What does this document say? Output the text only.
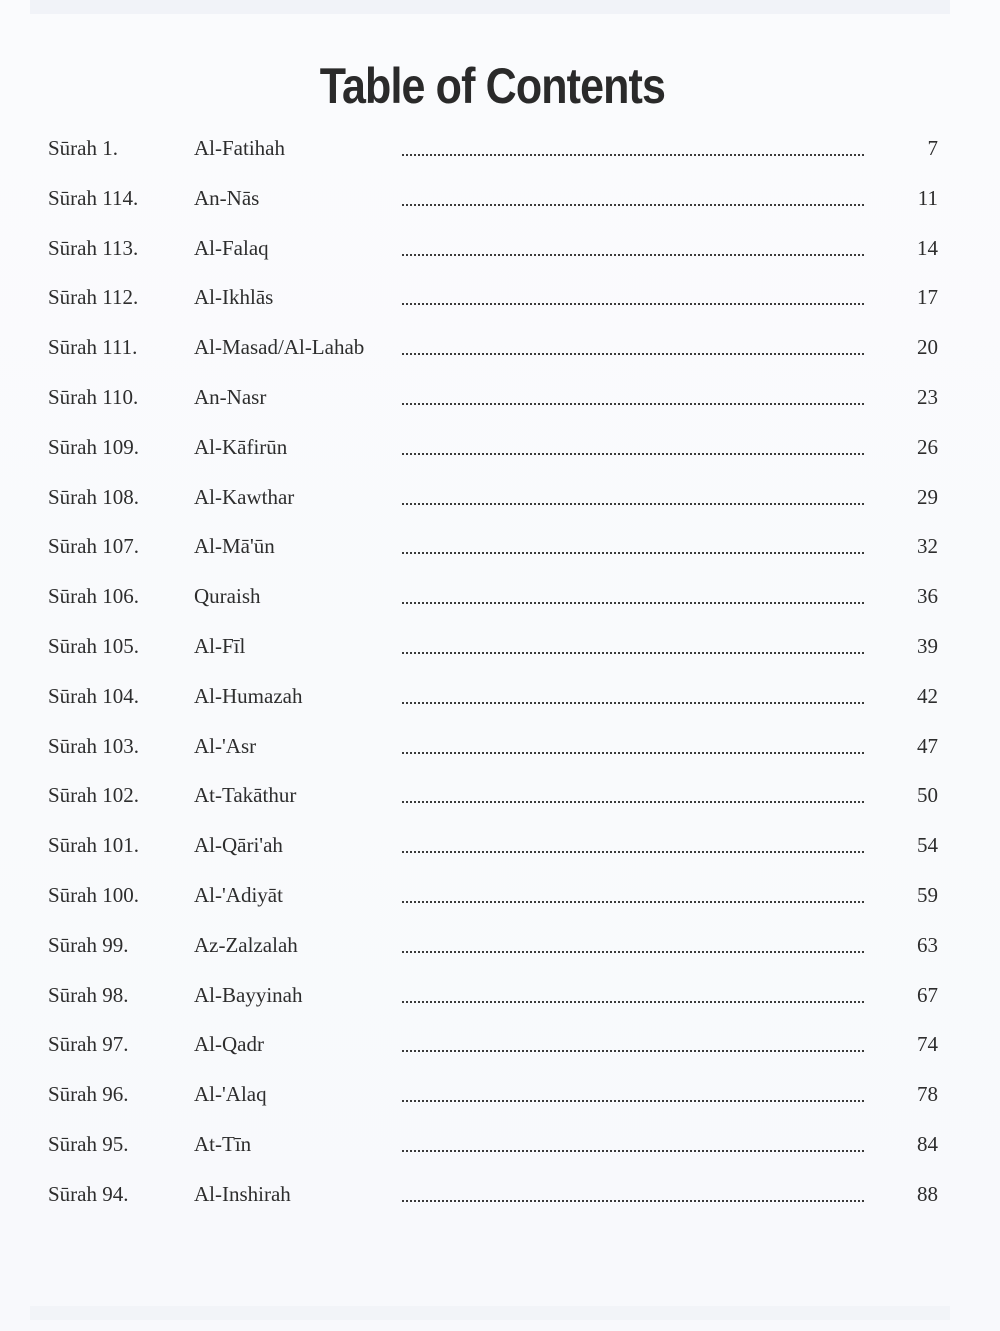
Table of Contents
Sūrah 1.	Al-Fatihah	7
Sūrah 114.	An-Nās	11
Sūrah 113.	Al-Falaq	14
Sūrah 112.	Al-Ikhlās	17
Sūrah 111.	Al-Masad/Al-Lahab	20
Sūrah 110.	An-Nasr	23
Sūrah 109.	Al-Kāfirūn	26
Sūrah 108.	Al-Kawthar	29
Sūrah 107.	Al-Mā'ūn	32
Sūrah 106.	Quraish	36
Sūrah 105.	Al-Fīl	39
Sūrah 104.	Al-Humazah	42
Sūrah 103.	Al-'Asr	47
Sūrah 102.	At-Takāthur	50
Sūrah 101.	Al-Qāri'ah	54
Sūrah 100.	Al-'Adiyāt	59
Sūrah 99.	Az-Zalzalah	63
Sūrah 98.	Al-Bayyinah	67
Sūrah 97.	Al-Qadr	74
Sūrah 96.	Al-'Alaq	78
Sūrah 95.	At-Tīn	84
Sūrah 94.	Al-Inshirah	88
